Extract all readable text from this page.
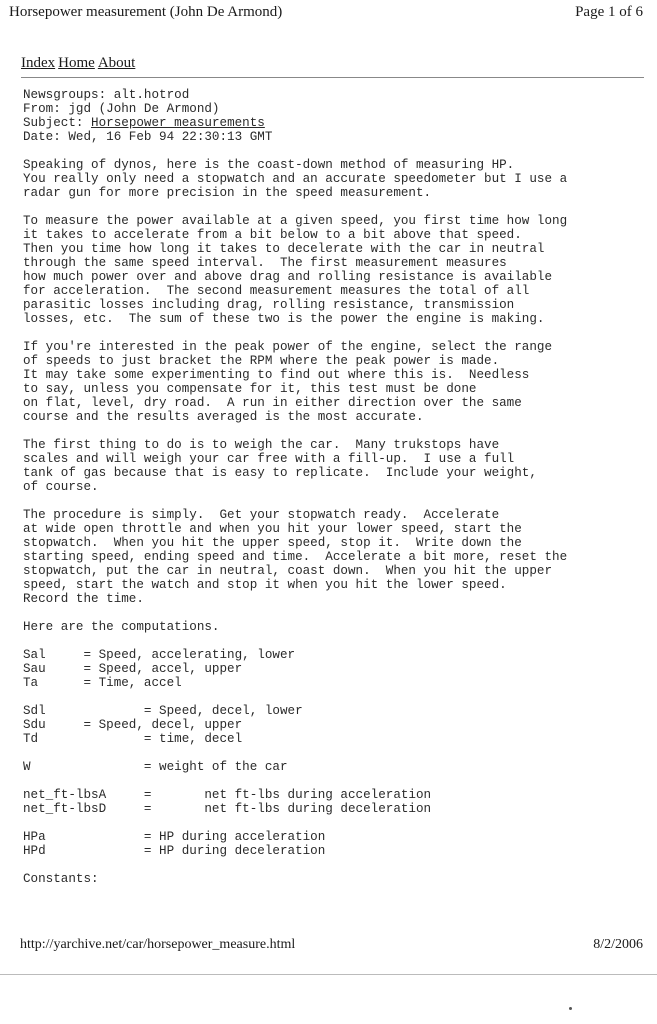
Horsepower measurement (John De Armond)	Page 1 of 6
Index Home About
Newsgroups: alt.hotrod
From: jgd (John De Armond)
Subject: Horsepower measurements
Date: Wed, 16 Feb 94 22:30:13 GMT
Speaking of dynos, here is the coast-down method of measuring HP.
You really only need a stopwatch and an accurate speedometer but I use a
radar gun for more precision in the speed measurement.
To measure the power available at a given speed, you first time how long
it takes to accelerate from a bit below to a bit above that speed.
Then you time how long it takes to decelerate with the car in neutral
through the same speed interval.  The first measurement measures
how much power over and above drag and rolling resistance is available
for acceleration.  The second measurement measures the total of all
parasitic losses including drag, rolling resistance, transmission
losses, etc.  The sum of these two is the power the engine is making.
If you're interested in the peak power of the engine, select the range
of speeds to just bracket the RPM where the peak power is made.
It may take some experimenting to find out where this is.  Needless
to say, unless you compensate for it, this test must be done
on flat, level, dry road.  A run in either direction over the same
course and the results averaged is the most accurate.
The first thing to do is to weigh the car.  Many trukstops have
scales and will weigh your car free with a fill-up.  I use a full
tank of gas because that is easy to replicate.  Include your weight,
of course.
The procedure is simply.  Get your stopwatch ready.  Accelerate
at wide open throttle and when you hit your lower speed, start the
stopwatch.  When you hit the upper speed, stop it.  Write down the
starting speed, ending speed and time.  Accelerate a bit more, reset the
stopwatch, put the car in neutral, coast down.  When you hit the upper
speed, start the watch and stop it when you hit the lower speed.
Record the time.
Here are the computations.
Sal     = Speed, accelerating, lower
Sau     = Speed, accel, upper
Ta      = Time, accel
Sdl             = Speed, decel, lower
Sdu     = Speed, decel, upper
Td              = time, decel
W               = weight of the car
net_ft-lbsA     =       net ft-lbs during acceleration
net_ft-lbsD     =       net ft-lbs during deceleration
HPa             = HP during acceleration
HPd             = HP during deceleration
Constants:
http://yarchive.net/car/horsepower_measure.html	8/2/2006
